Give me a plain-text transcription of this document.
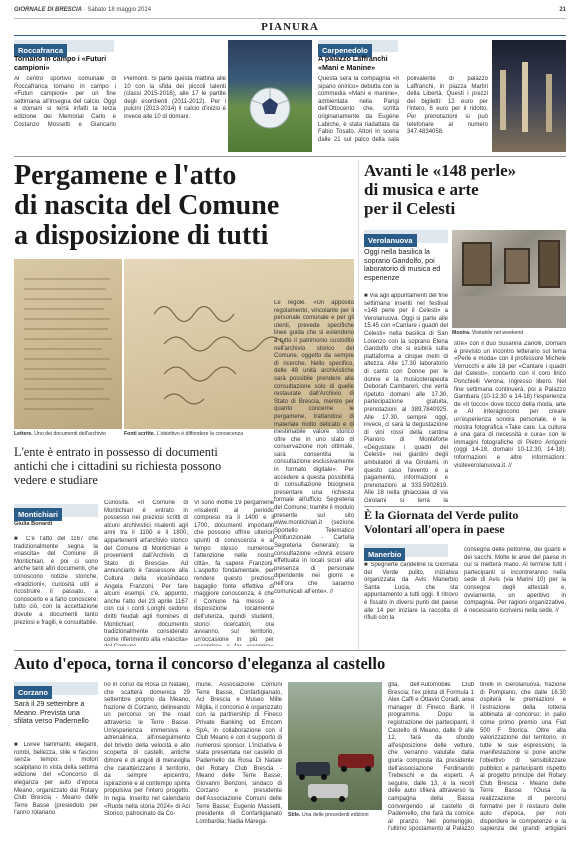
GIORNALE DI BRESCIA · Sabato 18 maggio 2024	21
PIANURA
Roccafranca
Tornano in campo i «Futuri campioni»
Al centro sportivo comunale di Roccafranca tornano in campo i «Futuri campioni» per un fine settimana all'insegna del calcio. Oggi e domani si terrà infatti la terza edizione dei Memorial Carlo e Costanzo Mossetti e Giancarlo Piemonti. Si parte questa mattina alle 10 con la sfida dei piccoli talenti (classi 2015-2016), alle 17 le partite degli esordienti (2011-2012). Per i pulcini (2013-2014) il calcio d'inizio è invece alle 10 di domani.
Carpenedolo
A palazzo Laffranchi «Mani e Manine»
Questa sera la compagnia «Il sipario onirico» debutta con la commedia «Mani e manine», ambientata nella Parigi dell'Ottocento che, scritta originariamente da Eugène Labiche, è stata riadattata da Fabio Tosato. Attori in scena dalle 21 sul palco della sala polivalente di palazzo Laffranchi, in piazza Martiri della Libertà. Questi i prezzi dei biglietti: 12 euro per l'intero, 8 euro per il ridotto. Per prenotazioni si può telefonare al numero 347.4834058.
Pergamene e l'atto
di nascita del Comune
a disposizione di tutti
Lettere. Uno dei documenti dell'archivio	Fonti scritte. L'obiettivo è diffondere la conoscenza
L'ente è entrato in possesso di documenti antichi che i cittadini su richiesta possono vedere e studiare
Montichiari
Giulia Bonardi
■ C'è l'atto del 1167 che tradizionalmente segna la «nascita» del Comune di Montichiari, e poi ci sono anche tanti altri documenti, che conoscono notizie storiche, «tradizioni», curiosità utili a ricostruire il passato, a conoscerlo e a farlo conoscere: tutto ciò, con la accettazione dovute a documenti tanto preziosi e fragili, è consultabile.
Curiosità. «Il Comune di Montichiari è entrato in possesso nei preziosi scritti di alcuni archivistici risalenti agli anni tra il 1100 e il 1800, appartenenti all'archivio storico del Comune di Montichiari e provenienti dall'Archivio di Stato di Brescia». Ad annunciarlo è l'assessore alla Cultura della vicesindaco Angela Franzoni. Per fare alcuni esempi, c'è, appunto, anche l'atto del 23 aprile 1167 con cui i conti Longhi cedono diritti feudali agli homines di Montichiari; documento tradizionalmente considerato come riferimento alla «nascita»
Vi sono inoltre 19 pergamene «risalenti al periodo compreso tra il 1400 e il 1700, documenti importanti che possono offrire ulteriori spunti di conoscenza e al tempo stesso numerose l'attenzione nelle nostra città», fa sapere Franzoni. L'aspetto fondamentale, per rendere questo prezioso bagaglio fonte effettiva di maggiore conoscenza, è che il Comune ha messo a disposizione localmente dell'utenza, quindi studenti, storici ricercatori, ora avvianno, sul territorio, un'occasione in più per
Le regole. «Un apposito regolamento, vincolante per il personale comunale e per gli utenti, prevede specifiche linee guida che si estendono a tutto il patrimonio custodito nell'archivio storico del Comune, oggetto da sempre di ricerche. Nello specifico, delle 48 unità archivistiche sarà possibile prendere alla consultazione solo di quelle restaurate dall'Archivio di Stato di Brescia, mentre per quanto concerne le pergamene, trattandosi di materiale molto delicato e di inestimabile valore storico oltre che in uno stato di conservazione non ottimale, sarà consentita la consultazione esclusivamente in formato digitale». Per accedere a questa possibilità di consultazione bisognerà presentare una richiesta formale all'ufficio Segreteria del Comune; tramite il modulo presente sul sito www.montichiari.it (sezione Sportello Telematico Polifunzionale - Cartella Segreteria Generale); la consultazione «dovrà essere effettuata in locali sicuri alla presenza di personale dipendente nei giorni e nell'ora che saranno comunicati all'ente». //
Avanti le «148 perle»
di musica e arte
per il Celesti
Verolanuova
Oggi nella basilica la soprano Gandolfo, poi laboratorio di musica ed esperienze
Mostra. Visitabile nel weekend
■ Via agli appuntamenti del fine settimana inseriti nel festival «148 perle per il Celesti» a Verolanuova. Oggi si parte alle 15.45 con «Cantare i quadri del Celesti» nella basilica di San Lorenzo con la soprano Elena Gandolfo che si esibirà sulla piattaforma a cinque metri di altezza. Alle 17.30 laboratorio di canto con Donne per le donne e la musicoterapeuta Deborah Cambareri, che verrà ripetuto domani alle 17.30, partecipazione gratuita, prenotazioni al 389.7840925. Alle 17.30, sempre oggi, invece, ci sarà la degustazione di vini rossi della cantina Pianoro di Monteforte «Degustare i quadri del Celesti» nei giardini degli ambulatori di via Girolami, in questo caso l'evento è a pagamento, informazioni e prenotazioni al 333.5902819. Alle 18 nella ghiacciaia di via Girolami si terrà la
stre» con il duo Susanna Zanolli, Domani è previsto un incontro letterario sul tema «Perle e moda» con il professore Michele Verrucchi e alle 18 per «Cantare i quadri del Celesti», concerto con il coro lirico Ponchielli Verona, ingresso libero. Nel fine settimana continuerà, poi a Palazzo Gambara (10-12.30 e 14-18) l'esperienza de «Il tocco» dove tocco della moda, arte e AI interagiscono per creare un'esperienza sonora personale, e la mostra fotografica «Take care. La cultura è una gara di necessità e cura» con le immagini fotografiche di Pietro Arrigoni (oggi 14-18, domani 10-12.30, 14-18). Informazioni e altre informazioni: visiteverolanuova.it. //
È la Giornata del Verde pulito
Volontari all'opera in paese
Manerbio
■ Spegnerte candeline la Giornata del Verde pulito, iniziativa organizzata da Avis Manerbio Santa Lucia, che sta appuntamento a tutti oggi. Il ritrovo è fissato in diversi punti del paese alle 14 per iniziare la raccolta di rifiuti con la
consegna delle pettorine, dei guanti e dei sacchi. Molte le aree del paese in cui si metterà mano. Al termine tutti i partecipanti si incontreranno nella sede di Avis (via Marini 10) per la consegna degli attestati e, ovviamente, un aperitivo in compagnia. Per ragioni organizzative, è necessario iscriversi nella sede. //
Auto d'epoca, torna il concorso d'eleganza al castello
Corzano
Sarà il 29 settembre a Meano. Prevista una sfilata verso Padernello
■ Livree fiammanti, eleganti, rombi, bellezza, stile e fascino senza tempo: i motori scalpitano in vista della settima edizione del «Concorso di eleganza per auto d'epoca Meano, organizzato dal Rotary Club Brescia - Meano delle Terre Basse (presieduto per l'anno rotariano
no in corso da Rosa Di Natale), che scatterà domenica 29 settembre proprio da Meano, frazione di Corzano, delineando un percorso on the road attraverso le Terre Basse. Un'esperienza immersiva e adrenalinica, all'inseguimento del brivido della velocità e allo scoperta di castelli, antiche dimore e di angoli di meraviglia che caratterizzano il territorio, da sempre epicentro, ispirazione e al contempo spinta propulsiva per l'intero progetto. In regia. Inserito nel calendario «Ruote nella storia 2024» di Aci Storico, patrocinato da Co-
mune, Associazione Comuni Terre Basse, Confartigianato, Aci Brescia e Museo Mille Miglia, il concorso è organizzato con la partnership di Fineco Private Banking ed Emcom SpA, in collaborazione con il Club Meano e con il supporto di numerosi sponsor. L'iniziativa è stata presentata nel castello di Padernello da Rosa Di Natale del Rotary Club Brescia - Meano delle Terre Basse; Giovanni Benzoni, sindaco di Corzano e presidente dell'Associazione Comuni delle Terre Basse; Eugenio Massetti, presidente di Confartigianato Lombardia; Nadia Marega-
Stile. Una delle precedenti edizioni
glia, dell'Automobile Club Brescia; l'ex pilota di Formula 1 Alex Caffi e Ottavio Coradi, area manager di Fineco Bank. Il programma. Dopo la registrazione dei partecipanti, il Castello di Meano, dalle 9 alle 12, farà da sfondo all'esposizione delle vetture, che verranno valutate dalla giuria composta da presidente dell'associazione Ferdinando Trebeschi e da esperti. A seguire, dalle 13, è la recoll delle auto sfilerà attraverso la campagna della Bassa convergendo al castello di Padernello, che farà da cornice al pranzo. Nel pomeriggio, l'ultimo spostamento al Palazzo
tinelli in Gerolanuova, frazione di Pompiano, che dalle 16.30 ospiterà le premiazioni e l'estrazione della lotteria abbinata al concorso: in palio come primo premio una Fiat 500 F Storica. Oltre alla valorizzazione del territorio, in tutte le sue espressioni, la manifestazione si pone anche l'obiettivo di sensibilizzare pubblico e partecipanti rispetto al progetto principe del Rotary Club Brescia - Meano delle Terre Basse: l'Ousa la realizzazione di percorsi formativi per il restauro delle auto d'epoca, per non disperdere le competenze e la sapienza dei grandi artigiani
